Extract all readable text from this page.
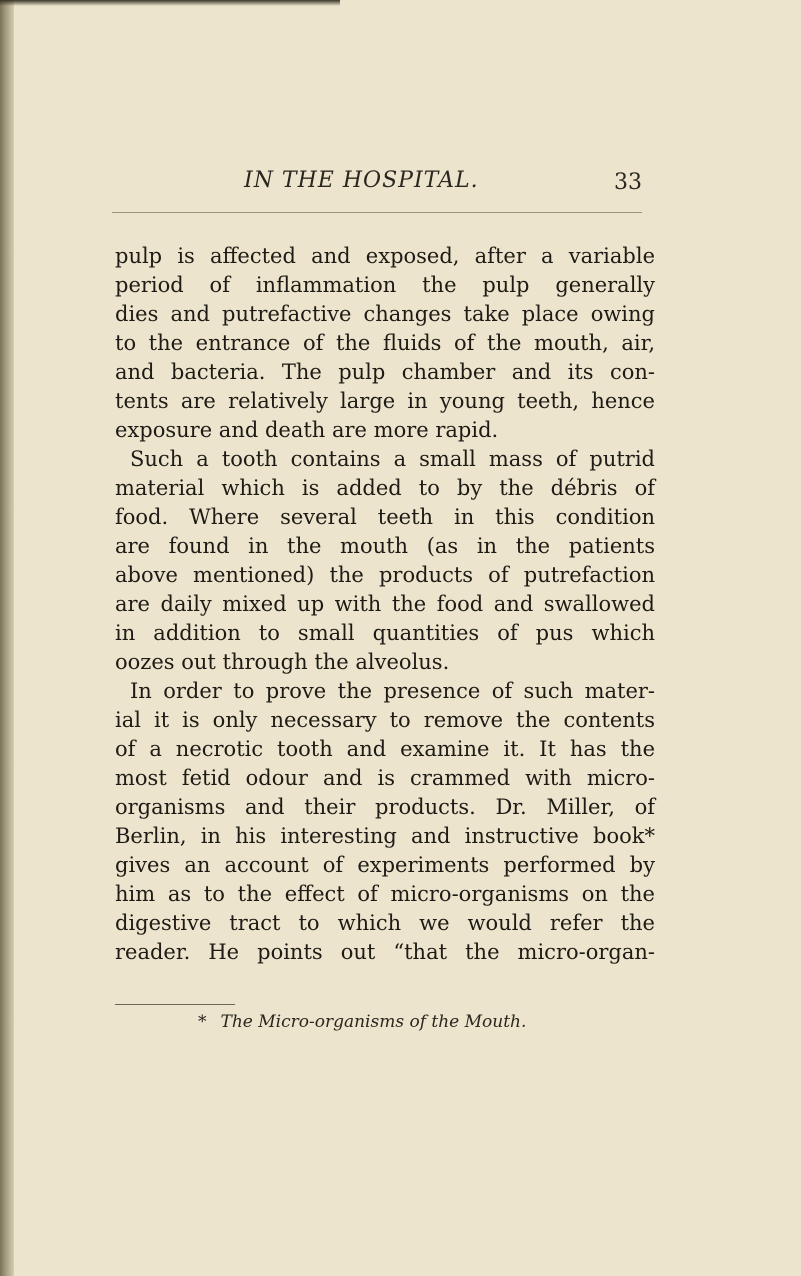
IN THE HOSPITAL.	33
pulp is affected and exposed, after a variable
period of inflammation the pulp generally
dies and putrefactive changes take place owing
to the entrance of the fluids of the mouth, air,
and bacteria. The pulp chamber and its con-
tents are relatively large in young teeth, hence
exposure and death are more rapid.
Such a tooth contains a small mass of putrid
material which is added to by the débris of
food. Where several teeth in this condition
are found in the mouth (as in the patients
above mentioned) the products of putrefaction
are daily mixed up with the food and swallowed
in addition to small quantities of pus which
oozes out through the alveolus.
In order to prove the presence of such mater-
ial it is only necessary to remove the contents
of a necrotic tooth and examine it. It has the
most fetid odour and is crammed with micro-
organisms and their products. Dr. Miller, of
Berlin, in his interesting and instructive book*
gives an account of experiments performed by
him as to the effect of micro-organisms on the
digestive tract to which we would refer the
reader. He points out “that the micro-organ-
* The Micro-organisms of the Mouth.
